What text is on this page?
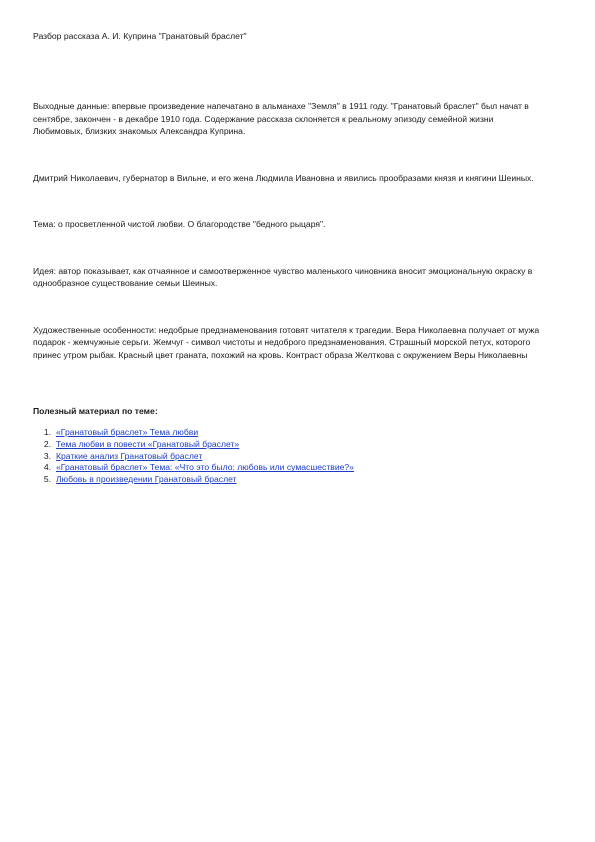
Разбор рассказа А. И. Куприна "Гранатовый браслет"

Выходные данные: впервые произведение напечатано в альманахе "Земля" в 1911 году. "Гранатовый браслет" был начат в сентябре, закончен - в декабре 1910 года. Содержание рассказа склоняется к реальному эпизоду семейной жизни Любимовых, близких знакомых Александра Куприна.

Дмитрий Николаевич, губернатор в Вильне, и его жена Людмила Ивановна и явились прообразами князя и княгини Шеиных.

Тема: о просветленной чистой любви. О благородстве "бедного рыцаря".

Идея: автор показывает, как отчаянное и самоотверженное чувство маленького чиновника вносит эмоциональную окраску в однообразное существование семьи Шеиных.

Художественные особенности: недобрые предзнаменования готовят читателя к трагедии. Вера Николаевна получает от мужа подарок - жемчужные серьги. Жемчуг - символ чистоты и недоброго предзнаменования. Страшный морской петух, которого принес утром рыбак. Красный цвет граната, похожий на кровь. Контраст образа Желткова с окружением Веры Николаевны

Полезный материал по теме:

1. «Гранатовый браслет» Тема любви
2. Тема любви в повести «Гранатовый браслет»
3. Краткие анализ Гранатовый браслет
4. «Гранатовый браслет» Тема: «Что это было: любовь или сумасшествие?»
5. Любовь в произведении Гранатовый браслет
